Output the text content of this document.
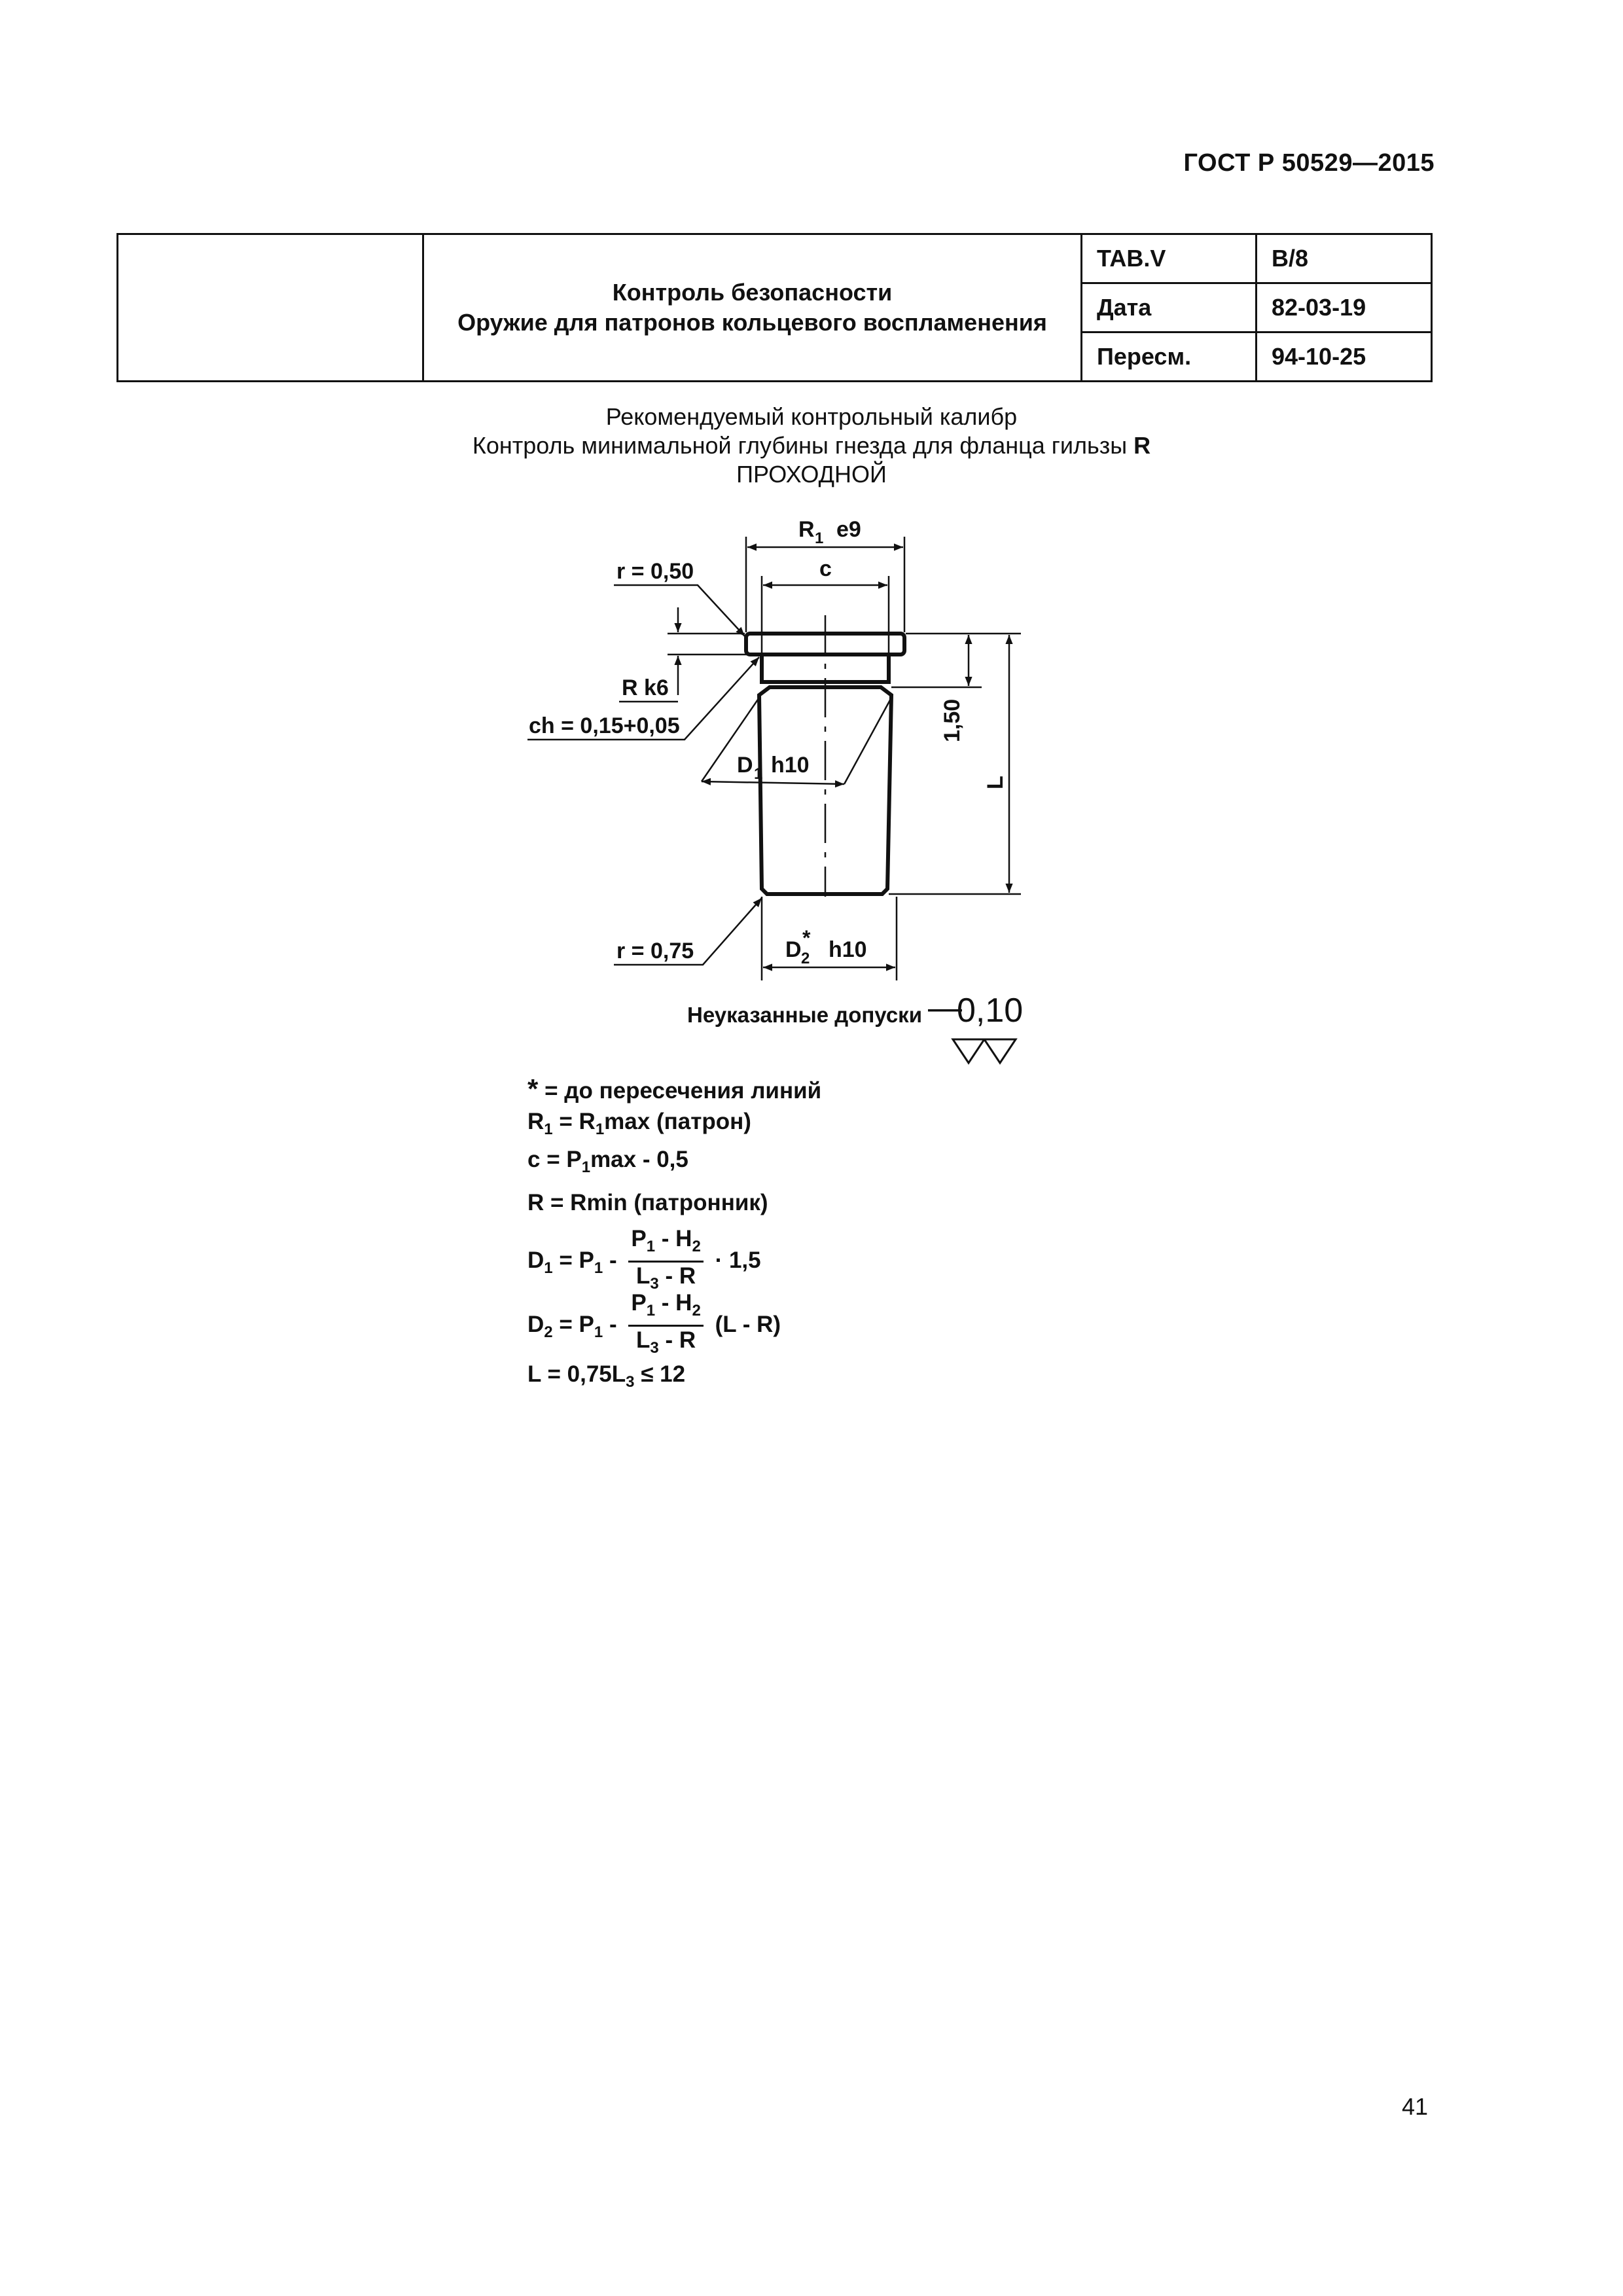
ГОСТ Р 50529—2015

	Контроль безопасности
Оружие для патронов кольцевого воспламенения	TAB.V	B/8
		Дата	82-03-19
		Пересм.	94-10-25
Рекомендуемый контрольный калибр
Контроль минимальной глубины гнезда для фланца гильзы R
ПРОХОДНОЙ
R 1 e9
c
r = 0,50
R k6
ch = 0,15+0,05
D 1 h10
1,50
L
r = 0,75	D 2
* h10
Неуказанные допуски —
0,10
* = до пересечения линий
$R_1 = R_1\max$ (патрон)
$c = P_1\max - 0,5$
R = Rmin (патронник)
$D_1 = P_1 - \frac{P_1 - H_2}{L_3 - R} \cdot 1,5$
$D_2 = P_1 - \frac{P_1 - H_2}{L_3 - R} (L - R)$
$L = 0,75L_3 \le 12$
41
